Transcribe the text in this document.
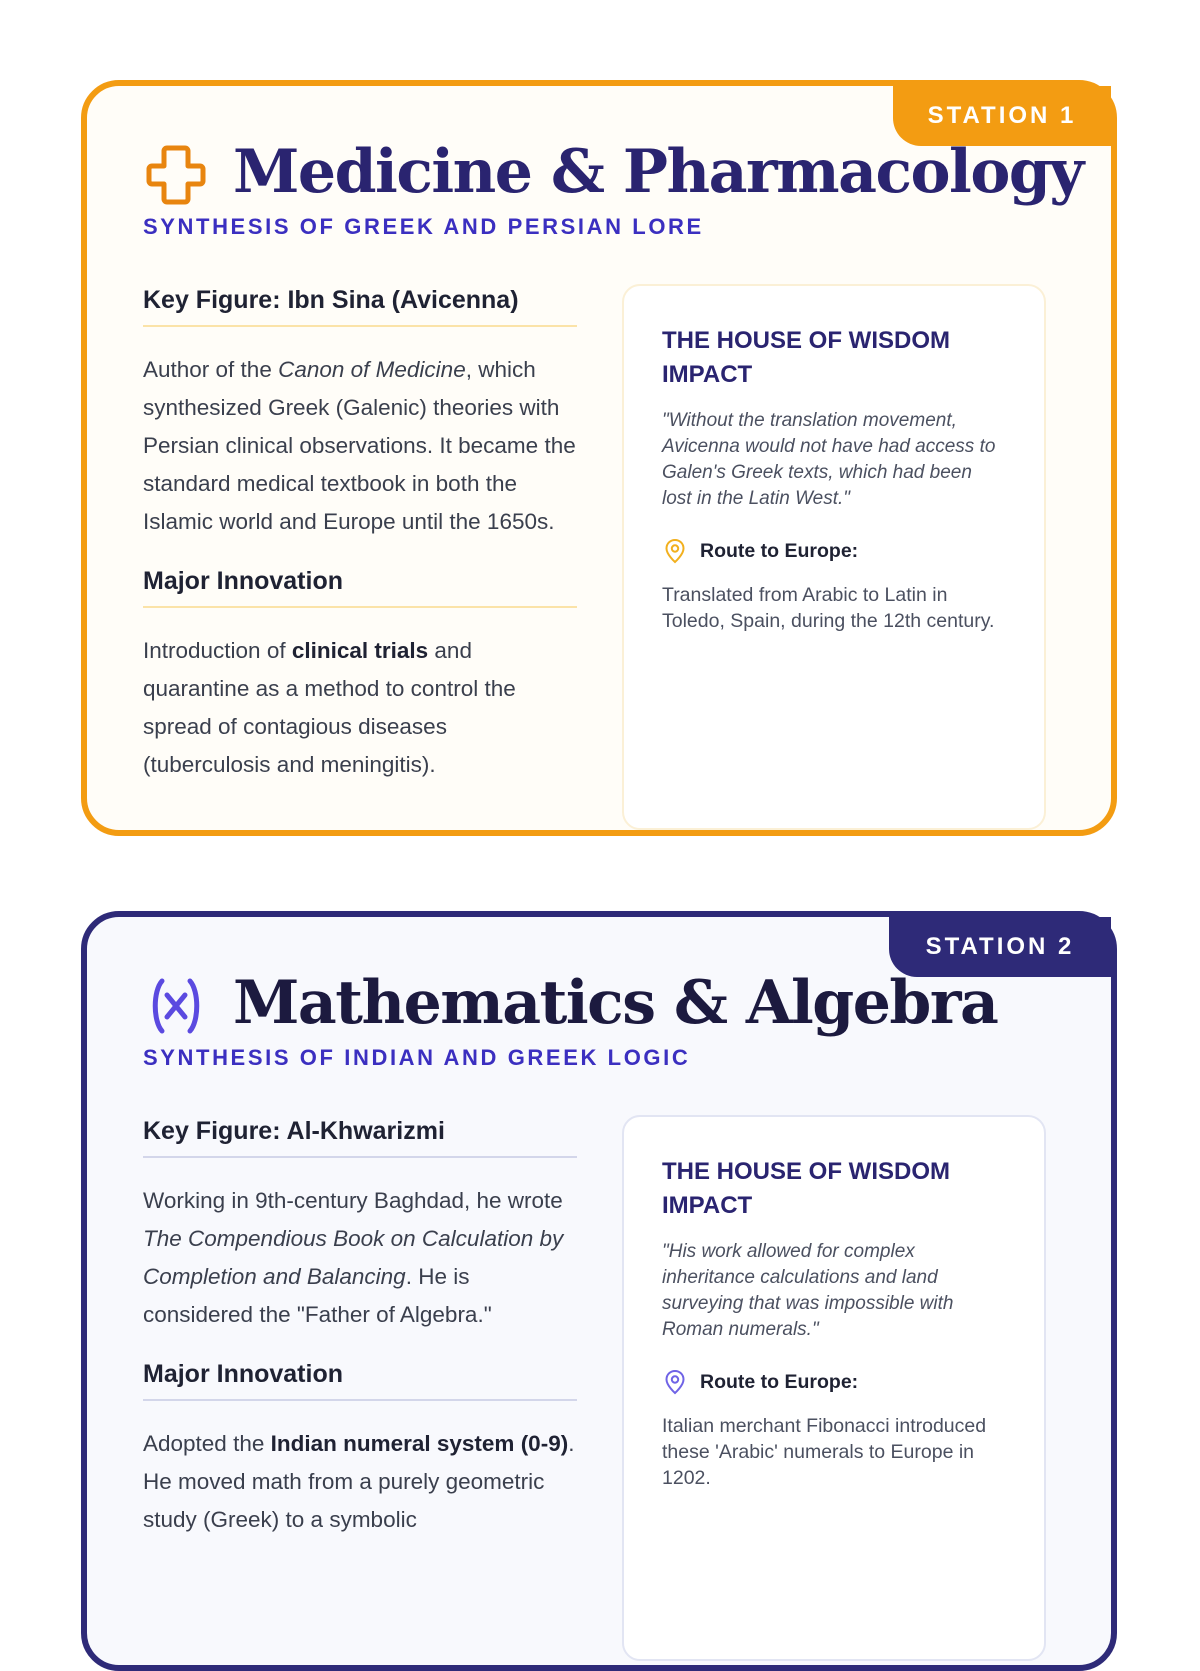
STATION 1
Medicine & Pharmacology
SYNTHESIS OF GREEK AND PERSIAN LORE
Key Figure: Ibn Sina (Avicenna)

Author of the Canon of Medicine, which synthesized Greek (Galenic) theories with Persian clinical observations. It became the standard medical textbook in both the Islamic world and Europe until the 1650s.

Major Innovation

Introduction of clinical trials and quarantine as a method to control the spread of contagious diseases (tuberculosis and meningitis).

THE HOUSE OF WISDOM IMPACT

"Without the translation movement, Avicenna would not have had access to Galen's Greek texts, which had been lost in the Latin West."

Route to Europe:

Translated from Arabic to Latin in Toledo, Spain, during the 12th century.

STATION 2
Mathematics & Algebra
SYNTHESIS OF INDIAN AND GREEK LOGIC
Key Figure: Al-Khwarizmi

Working in 9th-century Baghdad, he wrote The Compendious Book on Calculation by Completion and Balancing. He is considered the "Father of Algebra."

Major Innovation

Adopted the Indian numeral system (0-9). He moved math from a purely geometric study (Greek) to a symbolic

THE HOUSE OF WISDOM IMPACT

"His work allowed for complex inheritance calculations and land surveying that was impossible with Roman numerals."

Route to Europe:

Italian merchant Fibonacci introduced these 'Arabic' numerals to Europe in 1202.
